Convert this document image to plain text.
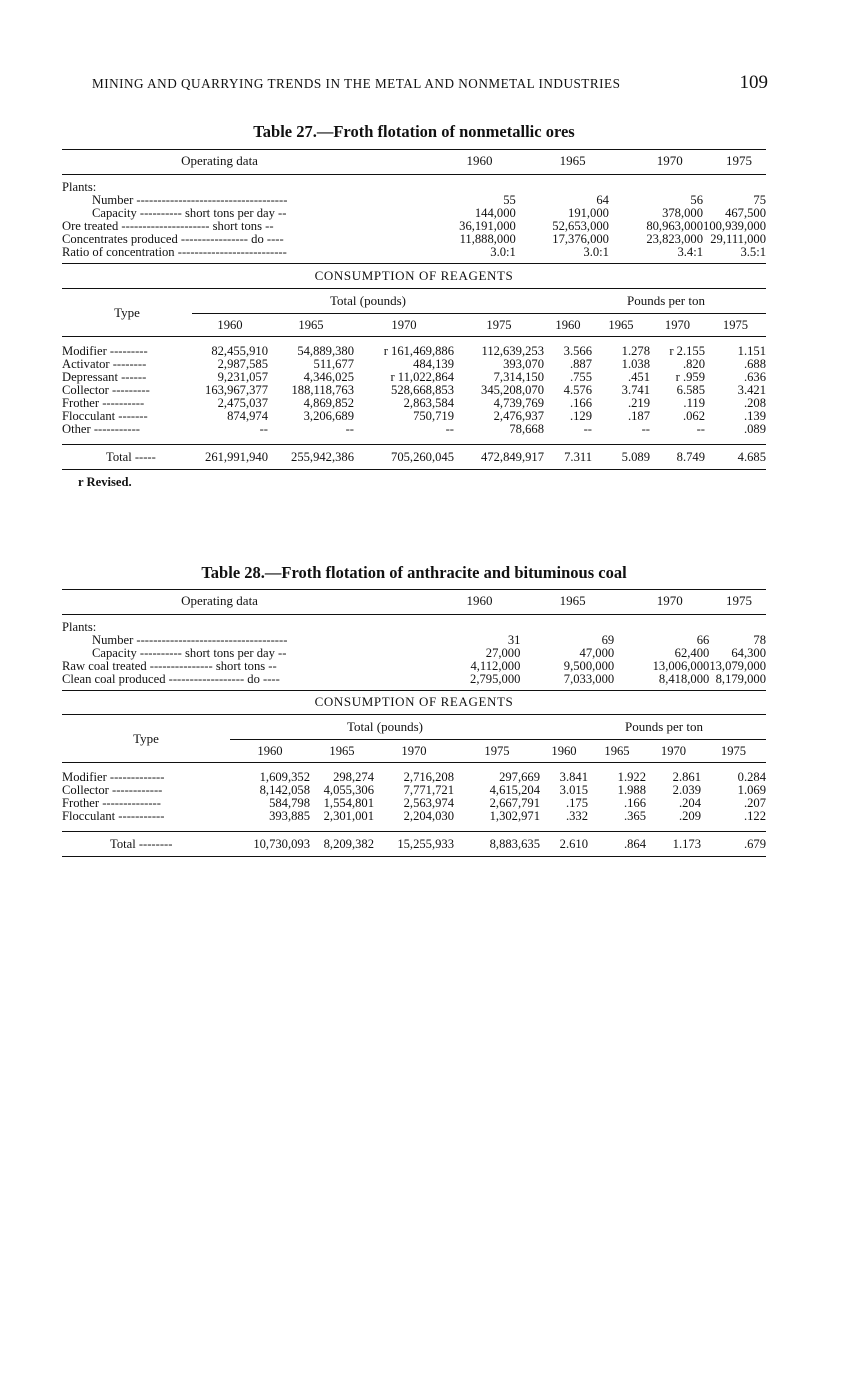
MINING AND QUARRYING TRENDS IN THE METAL AND NONMETAL INDUSTRIES	109
Table 27.—Froth flotation of nonmetallic ores
Operating data	1960	1965	1970	1975
Plants:				
Number ------------------------------------	55	64	56	75
Capacity ---------- short tons per day --	144,000	191,000	378,000	467,500
Ore treated --------------------- short tons --	36,191,000	52,653,000	80,963,000	100,939,000
Concentrates produced ---------------- do ----	11,888,000	17,376,000	23,823,000	29,111,000
Ratio of concentration --------------------------	3.0:1	3.0:1	3.4:1	3.5:1
CONSUMPTION OF REAGENTS
Type	Total (pounds)				Pounds per ton			
	1960	1965	1970	1975	1960	1965	1970	1975

Modifier ---------	82,455,910	54,889,380	r 161,469,886	112,639,253	3.566	1.278	r 2.155	1.151
Activator --------	2,987,585	511,677	484,139	393,070	.887	1.038	.820	.688
Depressant ------	9,231,057	4,346,025	r 11,022,864	7,314,150	.755	.451	r .959	.636
Collector ---------	163,967,377	188,118,763	528,668,853	345,208,070	4.576	3.741	6.585	3.421
Frother ----------	2,475,037	4,869,852	2,863,584	4,739,769	.166	.219	.119	.208
Flocculant -------	874,974	3,206,689	750,719	2,476,937	.129	.187	.062	.139
Other -----------	--	--	--	78,668	--	--	--	.089

Total -----	261,991,940	255,942,386	705,260,045	472,849,917	7.311	5.089	8.749	4.685
r Revised.
Table 28.—Froth flotation of anthracite and bituminous coal
Operating data	1960	1965	1970	1975
Plants:				
Number ------------------------------------	31	69	66	78
Capacity ---------- short tons per day --	27,000	47,000	62,400	64,300
Raw coal treated --------------- short tons --	4,112,000	9,500,000	13,006,000	13,079,000
Clean coal produced ------------------ do ----	2,795,000	7,033,000	8,418,000	8,179,000
CONSUMPTION OF REAGENTS
Type	Total (pounds)				Pounds per ton			
	1960	1965	1970	1975	1960	1965	1970	1975

Modifier -------------	1,609,352	298,274	2,716,208	297,669	3.841	1.922	2.861	0.284
Collector ------------	8,142,058	4,055,306	7,771,721	4,615,204	3.015	1.988	2.039	1.069
Frother --------------	584,798	1,554,801	2,563,974	2,667,791	.175	.166	.204	.207
Flocculant -----------	393,885	2,301,001	2,204,030	1,302,971	.332	.365	.209	.122

Total --------	10,730,093	8,209,382	15,255,933	8,883,635	2.610	.864	1.173	.679
